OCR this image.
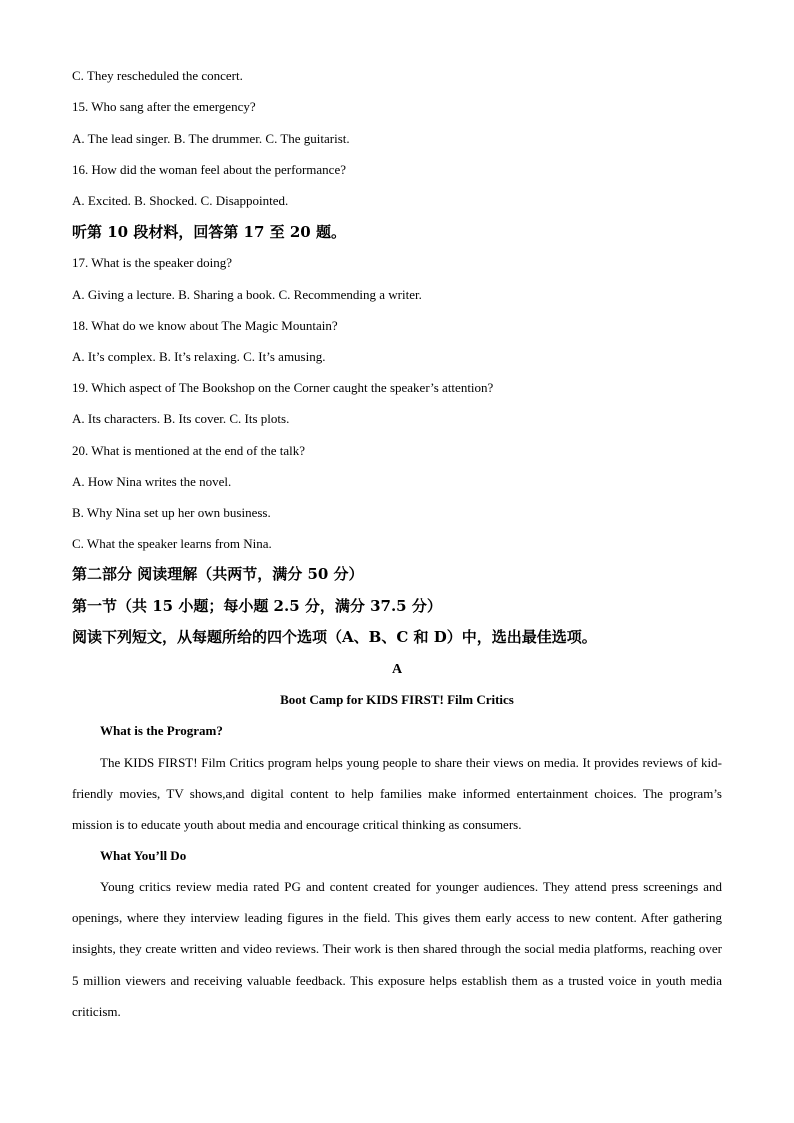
C. They rescheduled the concert.
15. Who sang after the emergency?
A. The lead singer. B. The drummer. C. The guitarist.
16. How did the woman feel about the performance?
A. Excited. B. Shocked. C. Disappointed.
听第 10 段材料，回答第 17 至 20 题。
17. What is the speaker doing?
A. Giving a lecture. B. Sharing a book. C. Recommending a writer.
18. What do we know about The Magic Mountain?
A. It’s complex. B. It’s relaxing. C. It’s amusing.
19. Which aspect of The Bookshop on the Corner caught the speaker’s attention?
A. Its characters. B. Its cover. C. Its plots.
20. What is mentioned at the end of the talk?
A. How Nina writes the novel.
B. Why Nina set up her own business.
C. What the speaker learns from Nina.
第二部分 阅读理解（共两节，满分 50 分）
第一节（共 15 小题；每小题 2.5 分，满分 37.5 分）
阅读下列短文，从每题所给的四个选项（A、B、C 和 D）中，选出最佳选项。
A
Boot Camp for KIDS FIRST! Film Critics
What is the Program?
The KIDS FIRST! Film Critics program helps young people to share their views on media. It provides reviews of kid-friendly movies, TV shows,and digital content to help families make informed entertainment choices. The program’s mission is to educate youth about media and encourage critical thinking as consumers.
What You’ll Do
Young critics review media rated PG and content created for younger audiences. They attend press screenings and openings, where they interview leading figures in the field. This gives them early access to new content. After gathering insights, they create written and video reviews. Their work is then shared through the social media platforms, reaching over 5 million viewers and receiving valuable feedback. This exposure helps establish them as a trusted voice in youth media criticism.
